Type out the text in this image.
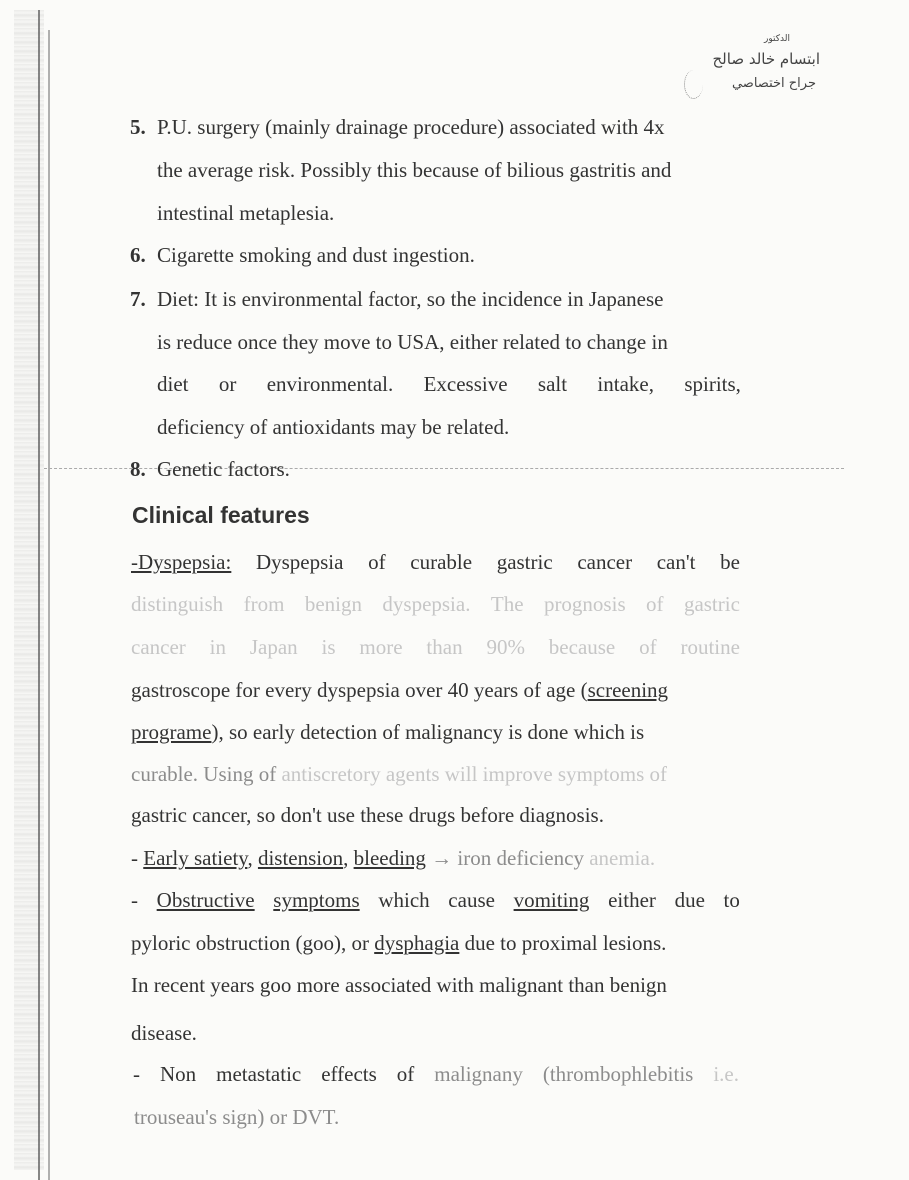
الدكتور
ابتسام خالد صالح
جراح اختصاصي
5. P.U. surgery (mainly drainage procedure) associated with 4x
the average risk. Possibly this because of bilious gastritis and
intestinal metaplesia.
6. Cigarette smoking and dust ingestion.
7. Diet: It is environmental factor, so the incidence in Japanese
is reduce once they move to USA, either related to change in
diet or environmental. Excessive salt intake, spirits,
deficiency of antioxidants may be related.
8. Genetic factors.
Clinical features
-Dyspepsia: Dyspepsia of curable gastric cancer can't be
distinguish from benign dyspepsia. The prognosis of gastric
cancer in Japan is more than 90% because of routine
gastroscope for every dyspepsia over 40 years of age (screening
programe), so early detection of malignancy is done which is
curable. Using of antiscretory agents will improve symptoms of
gastric cancer, so don't use these drugs before diagnosis.
- Early satiety, distension, bleeding → iron deficiency anemia.
- Obstructive symptoms which cause vomiting either due to
pyloric obstruction (goo), or dysphagia due to proximal lesions.
In recent years goo more associated with malignant than benign
disease.
- Non metastatic effects of malignany (thrombophlebitis i.e.
trouseau's sign) or DVT.
